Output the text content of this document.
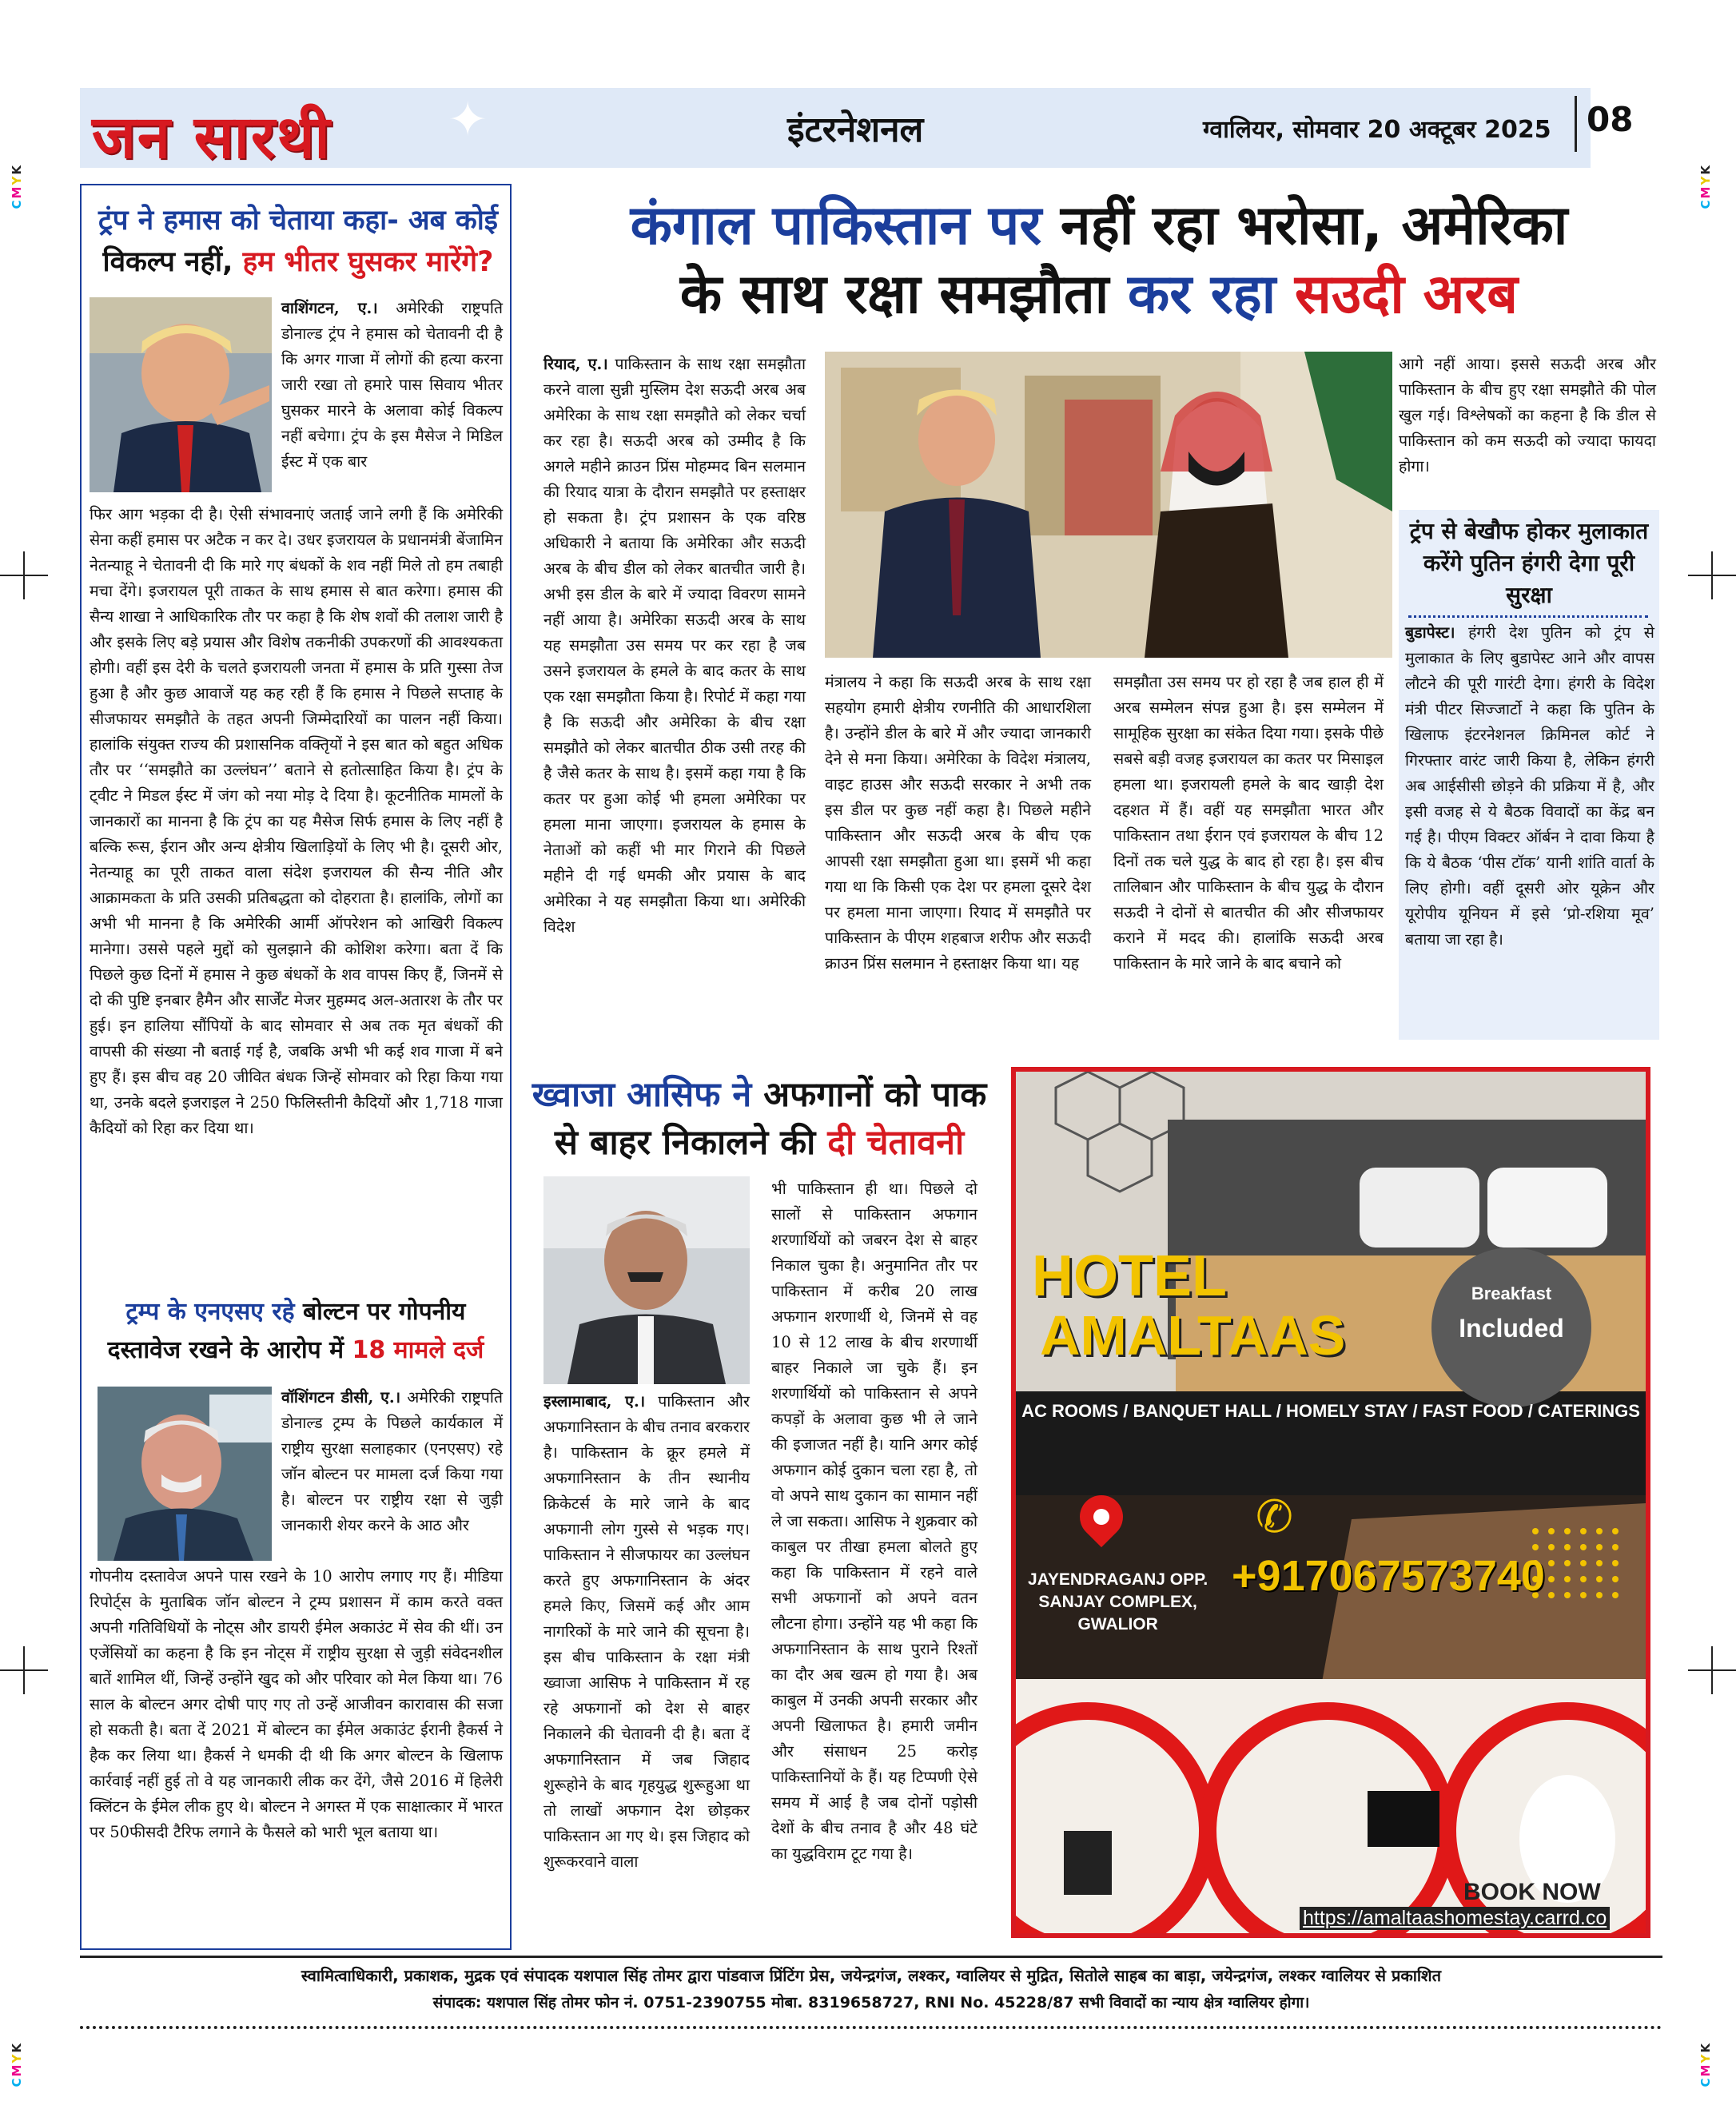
CMYK
CMYK
CMYK
CMYK
जन सारथी ✦	इंटरनेशनल	ग्वालियर, सोमवार 20 अक्टूबर 2025 08
ट्रंप ने हमास को चेताया कहा- अब कोई
विकल्प नहीं, हम भीतर घुसकर मारेंगे?
वाशिंगटन, ए.। अमेरिकी राष्ट्रपति डोनाल्ड ट्रंप ने हमास को चेतावनी दी है कि अगर गाजा में लोगों की हत्या करना जारी रखा तो हमारे पास सिवाय भीतर घुसकर मारने के अलावा कोई विकल्प नहीं बचेगा। ट्रंप के इस मैसेज ने मिडिल ईस्ट में एक बार
फिर आग भड़का दी है। ऐसी संभावनाएं जताई जाने लगी हैं कि अमेरिकी सेना कहीं हमास पर अटैक न कर दे। उधर इजरायल के प्रधानमंत्री बेंजामिन नेतन्याहू ने चेतावनी दी कि मारे गए बंधकों के शव नहीं मिले तो हम तबाही मचा देंगे। इजरायल पूरी ताकत के साथ हमास से बात करेगा। हमास की सैन्य शाखा ने आधिकारिक तौर पर कहा है कि शेष शवों की तलाश जारी है और इसके लिए बड़े प्रयास और विशेष तकनीकी उपकरणों की आवश्यकता होगी। वहीं इस देरी के चलते इजरायली जनता में हमास के प्रति गुस्सा तेज हुआ है और कुछ आवाजें यह कह रही हैं कि हमास ने पिछले सप्ताह के सीजफायर समझौते के तहत अपनी जिम्मेदारियों का पालन नहीं किया। हालांकि संयुक्त राज्य की प्रशासनिक वक्तिृयों ने इस बात को बहुत अधिक तौर पर ‘‘समझौते का उल्लंघन’’ बताने से हतोत्साहित किया है। ट्रंप के ट्वीट ने मिडल ईस्ट में जंग को नया मोड़ दे दिया है। कूटनीतिक मामलों के जानकारों का मानना है कि ट्रंप का यह मैसेज सिर्फ हमास के लिए नहीं है बल्कि रूस, ईरान और अन्य क्षेत्रीय खिलाड़ियों के लिए भी है। दूसरी ओर, नेतन्याहू का पूरी ताकत वाला संदेश इजरायल की सैन्य नीति और आक्रामकता के प्रति उसकी प्रतिबद्धता को दोहराता है। हालांकि, लोगों का अभी भी मानना है कि अमेरिकी आर्मी ऑपरेशन को आखिरी विकल्प मानेगा। उससे पहले मुद्दों को सुलझाने की कोशिश करेगा। बता दें कि पिछले कुछ दिनों में हमास ने कुछ बंधकों के शव वापस किए हैं, जिनमें से दो की पुष्टि इनबार हैमैन और सार्जेंट मेजर मुहम्मद अल-अतारश के तौर पर हुई। इन हालिया सौंपियों के बाद सोमवार से अब तक मृत बंधकों की वापसी की संख्या नौ बताई गई है, जबकि अभी भी कई शव गाजा में बने हुए हैं। इस बीच वह 20 जीवित बंधक जिन्हें सोमवार को रिहा किया गया था, उनके बदले इजराइल ने 250 फिलिस्तीनी कैदियों और 1,718 गाजा कैदियों को रिहा कर दिया था।
ट्रम्प के एनएसए रहे बोल्टन पर गोपनीय
दस्तावेज रखने के आरोप में 18 मामले दर्ज
वॉशिंगटन डीसी, ए.। अमेरिकी राष्ट्रपति डोनाल्ड ट्रम्प के पिछले कार्यकाल में राष्ट्रीय सुरक्षा सलाहकार (एनएसए) रहे जॉन बोल्टन पर मामला दर्ज किया गया है। बोल्टन पर राष्ट्रीय रक्षा से जुड़ी जानकारी शेयर करने के आठ और
गोपनीय दस्तावेज अपने पास रखने के 10 आरोप लगाए गए हैं। मीडिया रिपोर्ट्स के मुताबिक जॉन बोल्टन ने ट्रम्प प्रशासन में काम करते वक्त अपनी गतिविधियों के नोट्स और डायरी ईमेल अकाउंट में सेव की थीं। उन एजेंसियों का कहना है कि इन नोट्स में राष्ट्रीय सुरक्षा से जुड़ी संवेदनशील बातें शामिल थीं, जिन्हें उन्होंने खुद को और परिवार को मेल किया था। 76 साल के बोल्टन अगर दोषी पाए गए तो उन्हें आजीवन कारावास की सजा हो सकती है। बता दें 2021 में बोल्टन का ईमेल अकाउंट ईरानी हैकर्स ने हैक कर लिया था। हैकर्स ने धमकी दी थी कि अगर बोल्टन के खिलाफ कार्रवाई नहीं हुई तो वे यह जानकारी लीक कर देंगे, जैसे 2016 में हिलेरी क्लिंटन के ईमेल लीक हुए थे। बोल्टन ने अगस्त में एक साक्षात्कार में भारत पर 50फीसदी टैरिफ लगाने के फैसले को भारी भूल बताया था।
कंगाल पाकिस्तान पर नहीं रहा भरोसा, अमेरिका
के साथ रक्षा समझौता कर रहा सउदी अरब
रियाद, ए.। पाकिस्तान के साथ रक्षा समझौता करने वाला सुन्नी मुस्लिम देश सऊदी अरब अब अमेरिका के साथ रक्षा समझौते को लेकर चर्चा कर रहा है। सऊदी अरब को उम्मीद है कि अगले महीने क्राउन प्रिंस मोहम्मद बिन सलमान की रियाद यात्रा के दौरान समझौते पर हस्ताक्षर हो सकता है। ट्रंप प्रशासन के एक वरिष्ठ अधिकारी ने बताया कि अमेरिका और सऊदी अरब के बीच डील को लेकर बातचीत जारी है। अभी इस डील के बारे में ज्यादा विवरण सामने नहीं आया है। अमेरिका सऊदी अरब के साथ यह समझौता उस समय पर कर रहा है जब उसने इजरायल के हमले के बाद कतर के साथ एक रक्षा समझौता किया है। रिपोर्ट में कहा गया है कि सऊदी और अमेरिका के बीच रक्षा समझौते को लेकर बातचीत ठीक उसी तरह की है जैसे कतर के साथ है। इसमें कहा गया है कि कतर पर हुआ कोई भी हमला अमेरिका पर हमला माना जाएगा। इजरायल के हमास के नेताओं को कहीं भी मार गिराने की पिछले महीने दी गई धमकी और प्रयास के बाद अमेरिका ने यह समझौता किया था। अमेरिकी विदेश
आगे नहीं आया। इससे सऊदी अरब और पाकिस्तान के बीच हुए रक्षा समझौते की पोल खुल गई। विश्लेषकों का कहना है कि डील से पाकिस्तान को कम सऊदी को ज्यादा फायदा होगा।
मंत्रालय ने कहा कि सऊदी अरब के साथ रक्षा सहयोग हमारी क्षेत्रीय रणनीति की आधारशिला है। उन्होंने डील के बारे में और ज्यादा जानकारी देने से मना किया। अमेरिका के विदेश मंत्रालय, वाइट हाउस और सऊदी सरकार ने अभी तक इस डील पर कुछ नहीं कहा है। पिछले महीने पाकिस्तान और सऊदी अरब के बीच एक आपसी रक्षा समझौता हुआ था। इसमें भी कहा गया था कि किसी एक देश पर हमला दूसरे देश पर हमला माना जाएगा। रियाद में समझौते पर पाकिस्तान के पीएम शहबाज शरीफ और सऊदी क्राउन प्रिंस सलमान ने हस्ताक्षर किया था। यह
समझौता उस समय पर हो रहा है जब हाल ही में अरब सम्मेलन संपन्न हुआ है। इस सम्मेलन में सामूहिक सुरक्षा का संकेत दिया गया। इसके पीछे सबसे बड़ी वजह इजरायल का कतर पर मिसाइल हमला था। इजरायली हमले के बाद खाड़ी देश दहशत में हैं। वहीं यह समझौता भारत और पाकिस्तान तथा ईरान एवं इजरायल के बीच 12 दिनों तक चले युद्ध के बाद हो रहा है। इस बीच तालिबान और पाकिस्तान के बीच युद्ध के दौरान सऊदी ने दोनों से बातचीत की और सीजफायर कराने में मदद की। हालांकि सऊदी अरब पाकिस्तान के मारे जाने के बाद बचाने को
ट्रंप से बेखौफ होकर मुलाकात करेंगे पुतिन हंगरी देगा पूरी सुरक्षा
बुडापेस्ट। हंगरी देश पुतिन को ट्रंप से मुलाकात के लिए बुडापेस्ट आने और वापस लौटने की पूरी गारंटी देगा। हंगरी के विदेश मंत्री पीटर सिज्जार्टो ने कहा कि पुतिन के खिलाफ इंटरनेशनल क्रिमिनल कोर्ट ने गिरफ्तार वारंट जारी किया है, लेकिन हंगरी अब आईसीसी छोड़ने की प्रक्रिया में है, और इसी वजह से ये बैठक विवादों का केंद्र बन गई है। पीएम विक्टर ऑर्बन ने दावा किया है कि ये बैठक ‘पीस टॉक’ यानी शांति वार्ता के लिए होगी। वहीं दूसरी ओर यूक्रेन और यूरोपीय यूनियन में इसे ‘प्रो-रशिया मूव’ बताया जा रहा है।
ख्वाजा आसिफ ने अफगानों को पाक
से बाहर निकालने की दी चेतावनी
इस्लामाबाद, ए.। पाकिस्तान और अफगानिस्तान के बीच तनाव बरकरार है। पाकिस्तान के क्रूर हमले में अफगानिस्तान के तीन स्थानीय क्रिकेटर्स के मारे जाने के बाद अफगानी लोग गुस्से से भड़क गए। पाकिस्तान ने सीजफायर का उल्लंघन करते हुए अफगानिस्तान के अंदर हमले किए, जिसमें कई और आम नागरिकों के मारे जाने की सूचना है। इस बीच पाकिस्तान के रक्षा मंत्री ख्वाजा आसिफ ने पाकिस्तान में रह रहे अफगानों को देश से बाहर निकालने की चेतावनी दी है। बता दें अफगानिस्तान में जब जिहाद शुरूहोने के बाद गृहयुद्ध शुरूहुआ था तो लाखों अफगान देश छोड़कर पाकिस्तान आ गए थे। इस जिहाद को शुरूकरवाने वाला
भी पाकिस्तान ही था। पिछले दो सालों से पाकिस्तान अफगान शरणार्थियों को जबरन देश से बाहर निकाल चुका है। अनुमानित तौर पर पाकिस्तान में करीब 20 लाख अफगान शरणार्थी थे, जिनमें से वह 10 से 12 लाख के बीच शरणार्थी बाहर निकाले जा चुके हैं। इन शरणार्थियों को पाकिस्तान से अपने कपड़ों के अलावा कुछ भी ले जाने की इजाजत नहीं है। यानि अगर कोई अफगान कोई दुकान चला रहा है, तो वो अपने साथ दुकान का सामान नहीं ले जा सकता। आसिफ ने शुक्रवार को काबुल पर तीखा हमला बोलते हुए कहा कि पाकिस्तान में रहने वाले सभी अफगानों को अपने वतन लौटना होगा। उन्होंने यह भी कहा कि अफगानिस्तान के साथ पुराने रिश्तों का दौर अब खत्म हो गया है। अब काबुल में उनकी अपनी सरकार और अपनी खिलाफत है। हमारी जमीन और संसाधन 25 करोड़ पाकिस्तानियों के हैं। यह टिप्पणी ऐसे समय में आई है जब दोनों पड़ोसी देशों के बीच तनाव है और 48 घंटे का युद्धविराम टूट गया है।
HOTEL
AMALTAAS
Breakfast
Included
AC ROOMS / BANQUET HALL / HOMELY STAY / FAST FOOD / CATERINGS
✆
JAYENDRAGANJ OPP.
SANJAY COMPLEX,
GWALIOR
+917067573740
BOOK NOW
https://amaltaashomestay.carrd.co
स्वामित्वाधिकारी, प्रकाशक, मुद्रक एवं संपादक यशपाल सिंह तोमर द्वारा पांडवाज प्रिंटिंग प्रेस, जयेन्द्रगंज, लश्कर, ग्वालियर से मुद्रित, सितोले साहब का बाड़ा, जयेन्द्रगंज, लश्कर ग्वालियर से प्रकाशित
संपादक: यशपाल सिंह तोमर फोन नं. 0751-2390755 मोबा. 8319658727, RNI No. 45228/87 सभी विवादों का न्याय क्षेत्र ग्वालियर होगा।
